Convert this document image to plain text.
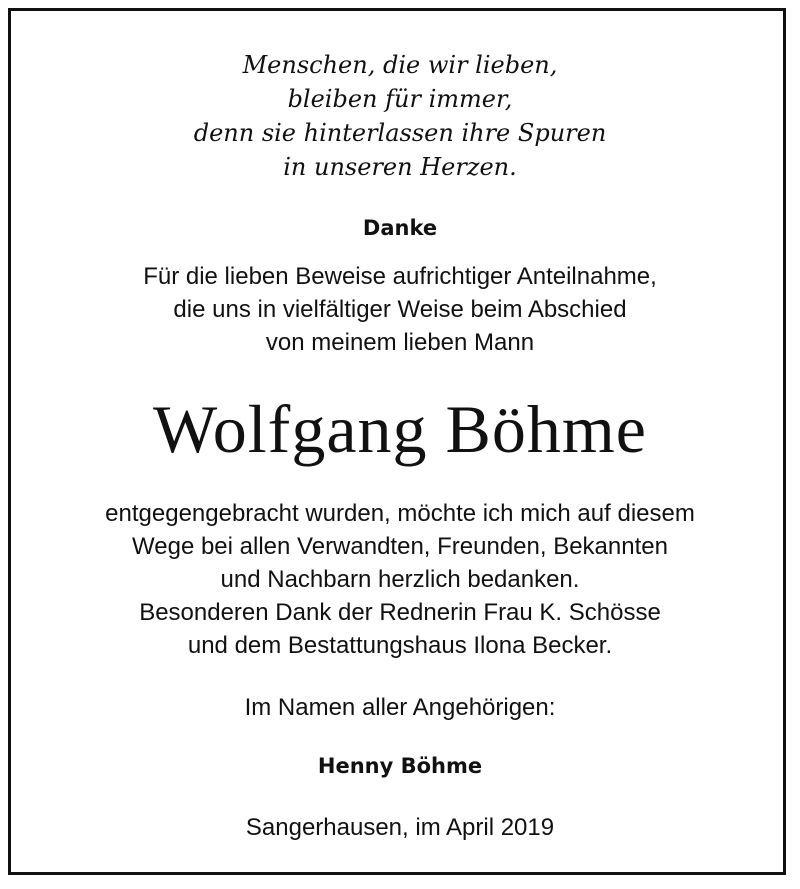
Menschen, die wir lieben,
bleiben für immer,
denn sie hinterlassen ihre Spuren
in unseren Herzen.
Danke
Für die lieben Beweise aufrichtiger Anteilnahme,
die uns in vielfältiger Weise beim Abschied
von meinem lieben Mann
Wolfgang Böhme
entgegengebracht wurden, möchte ich mich auf diesem
Wege bei allen Verwandten, Freunden, Bekannten
und Nachbarn herzlich bedanken.
Besonderen Dank der Rednerin Frau K. Schösse
und dem Bestattungshaus Ilona Becker.
Im Namen aller Angehörigen:
Henny Böhme
Sangerhausen, im April 2019
